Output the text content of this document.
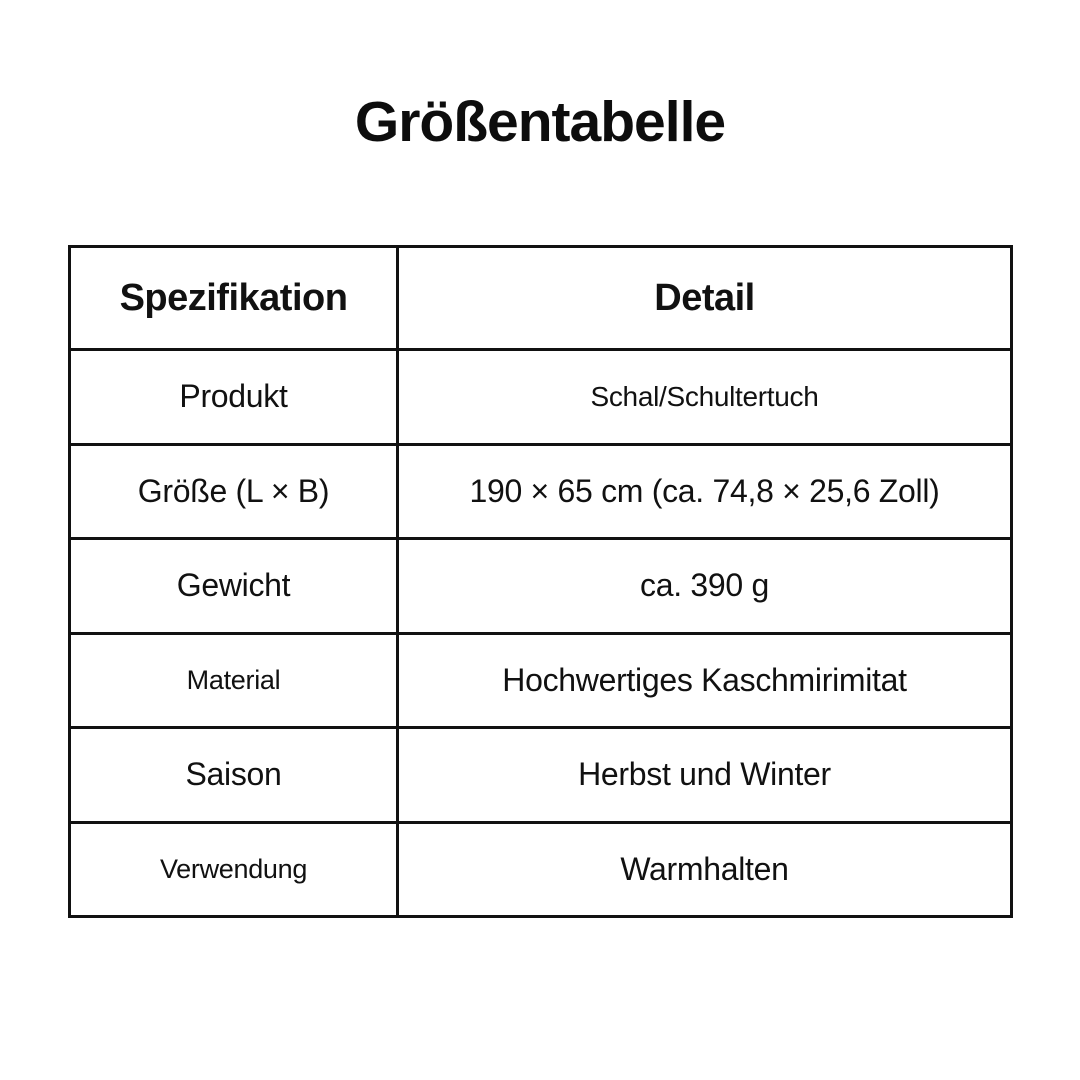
Größentabelle
Spezifikation	Detail
Produkt	Schal/Schultertuch
Größe (L × B)	190 × 65 cm (ca. 74,8 × 25,6 Zoll)
Gewicht	ca. 390 g
Material	Hochwertiges Kaschmirimitat
Saison	Herbst und Winter
Verwendung	Warmhalten
